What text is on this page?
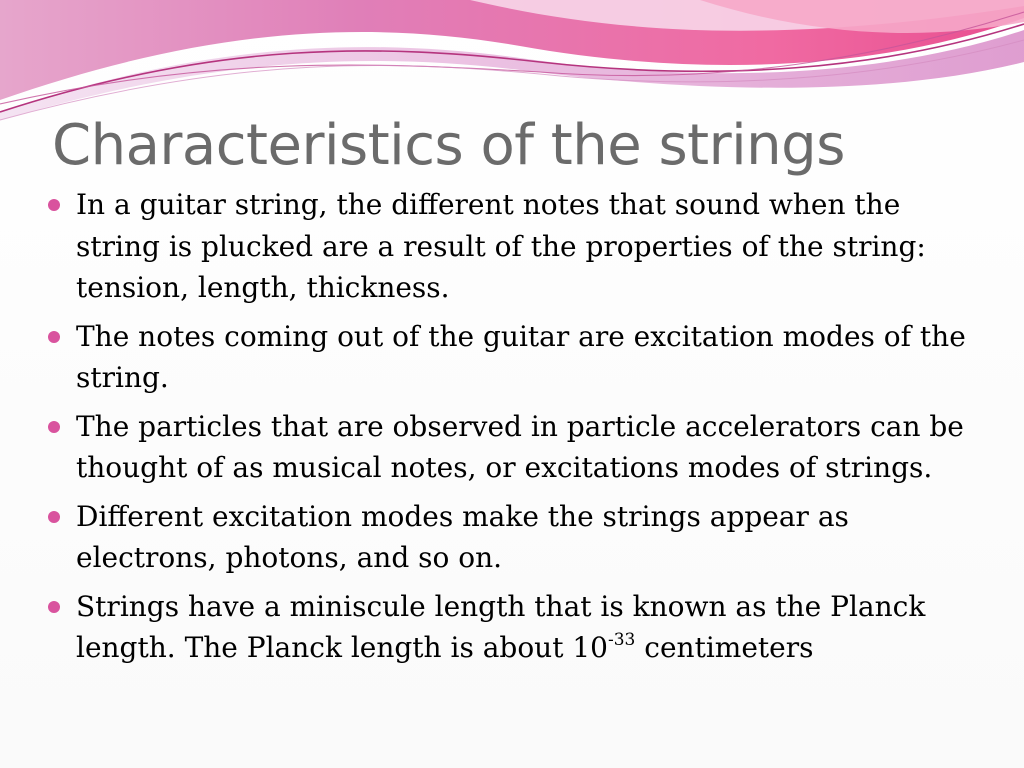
Characteristics of the strings
In a guitar string, the different notes that sound when the string is plucked are a result of the properties of the string: tension, length, thickness.
The notes coming out of the guitar are excitation modes of the string.
The particles that are observed in particle accelerators can be thought of as musical notes, or excitations modes of strings.
Different excitation modes make the strings appear as electrons, photons, and so on.
Strings have a miniscule length that is known as the Planck length. The Planck length is about $10^{-33}$ centimeters
